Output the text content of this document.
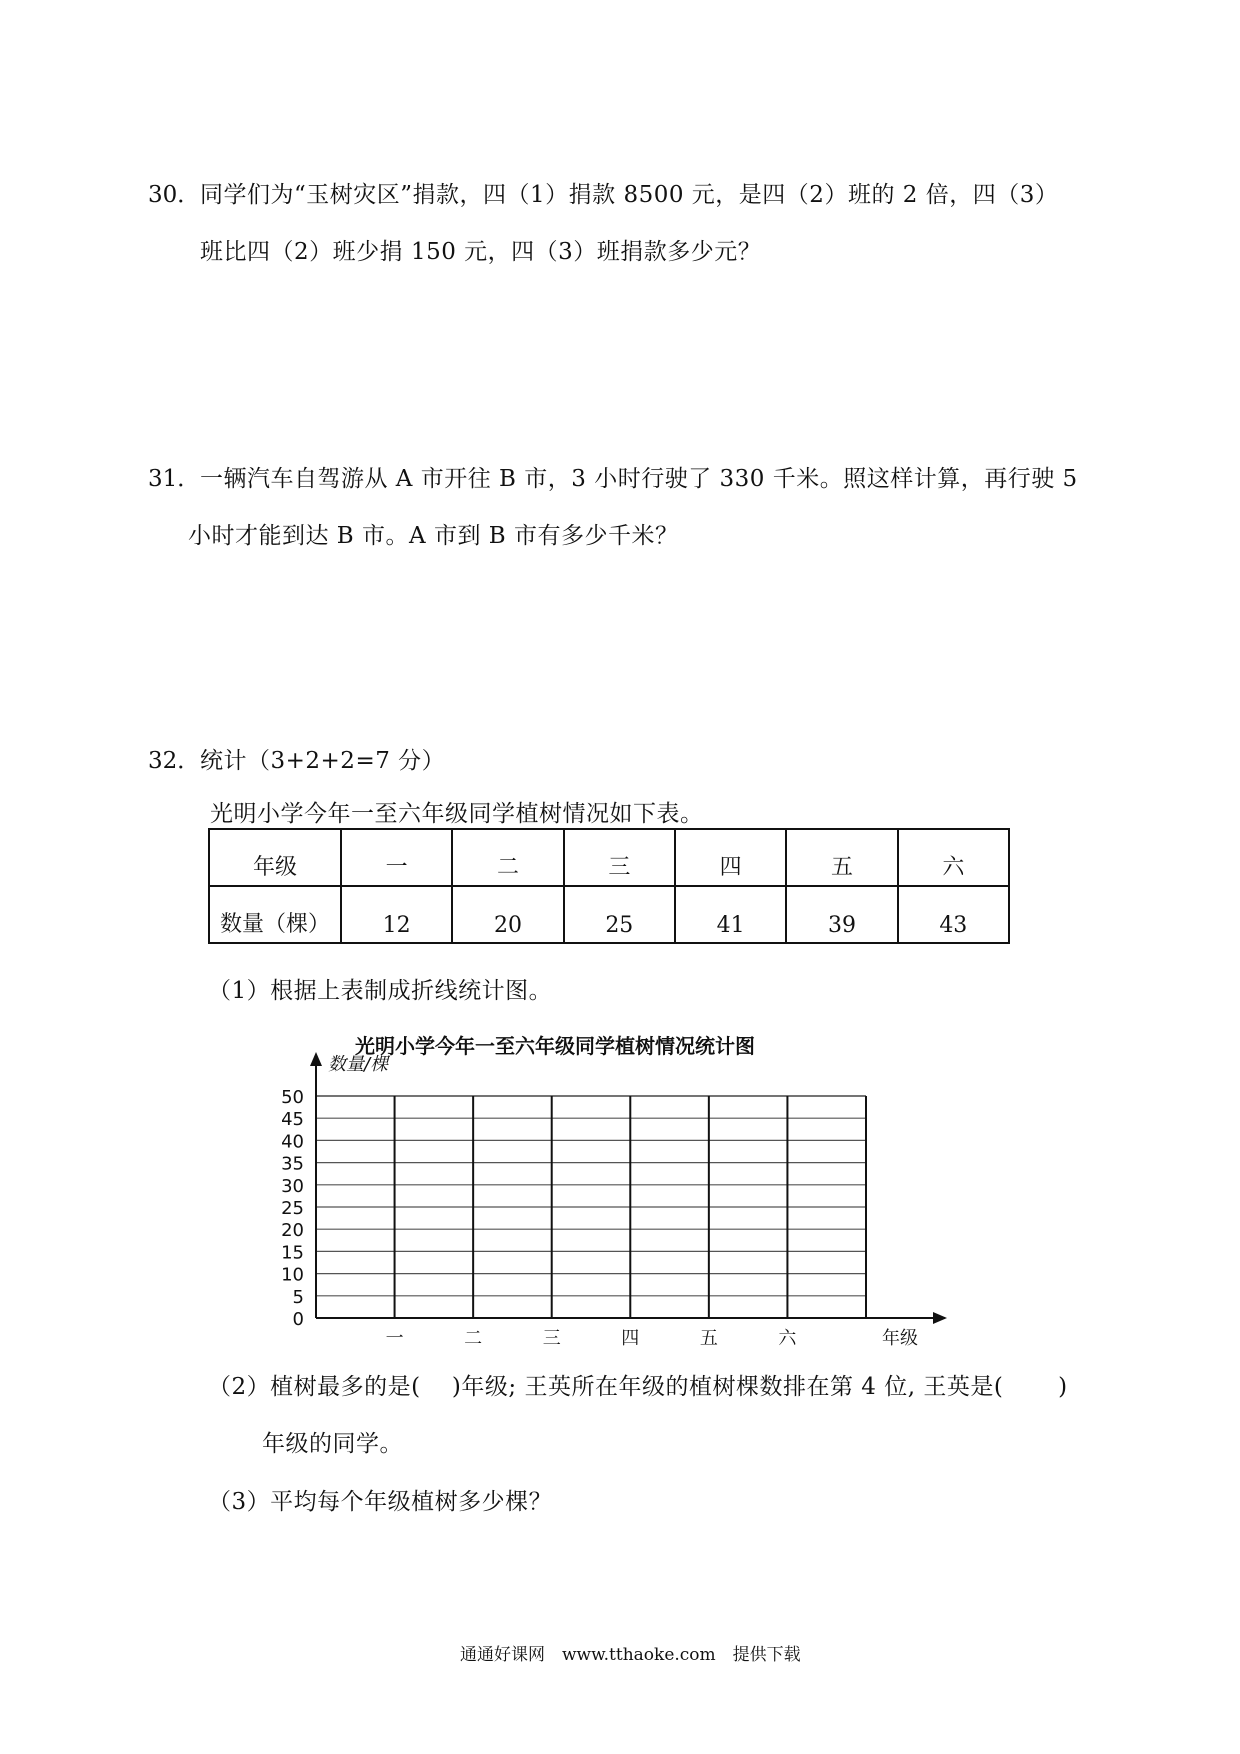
30． 同学们为“玉树灾区”捐款，四（1）捐款 8500 元，是四（2）班的 2 倍，四（3）
班比四（2）班少捐 150 元，四（3）班捐款多少元？
31． 一辆汽车自驾游从 A 市开往 B 市，3 小时行驶了 330 千米。照这样计算，再行驶 5
小时才能到达 B 市。A 市到 B 市有多少千米？
32． 统计（3+2+2=7 分）
光明小学今年一至六年级同学植树情况如下表。
年级	一	二	三	四	五	六
数量（棵）	12	20	25	41	39	43
（1）根据上表制成折线统计图。
光明小学今年一至六年级同学植树情况统计图
0
5
10
15
20
25
30
35
40
45
50
一	二	三	四	五	六
数量/棵
年级
（2）植树最多的是(　 )年级; 王英所在年级的植树棵数排在第 4 位, 王英是(　　 )
年级的同学。
（3）平均每个年级植树多少棵？
通通好课网　www.tthaoke.com　提供下载
